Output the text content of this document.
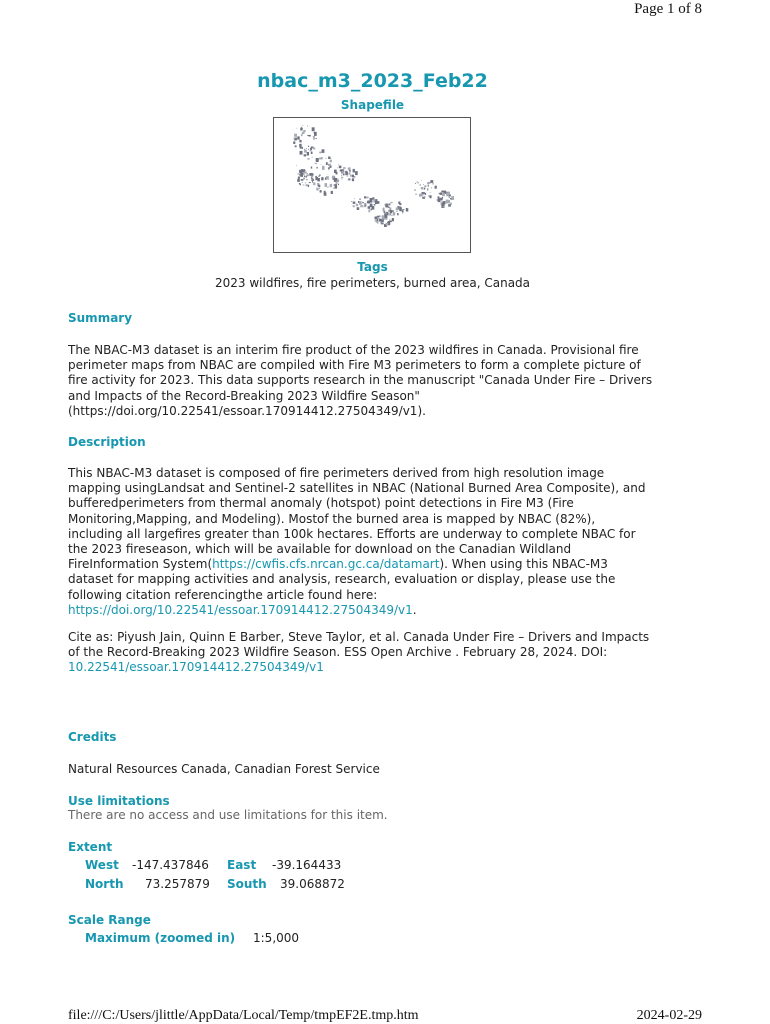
Page 1 of 8
nbac_m3_2023_Feb22
Shapefile
Tags
2023 wildfires, fire perimeters, burned area, Canada
Summary
The NBAC-M3 dataset is an interim fire product of the 2023 wildfires in Canada. Provisional fire perimeter maps from NBAC are compiled with Fire M3 perimeters to form a complete picture of fire activity for 2023. This data supports research in the manuscript "Canada Under Fire – Drivers and Impacts of the Record-Breaking 2023 Wildfire Season" (https://doi.org/10.22541/essoar.170914412.27504349/v1).
Description
This NBAC-M3 dataset is composed of fire perimeters derived from high resolution image mapping usingLandsat and Sentinel-2 satellites in NBAC (National Burned Area Composite), and bufferedperimeters from thermal anomaly (hotspot) point detections in Fire M3 (Fire Monitoring,Mapping, and Modeling). Mostof the burned area is mapped by NBAC (82%), including all largefires greater than 100k hectares. Efforts are underway to complete NBAC for the 2023 fireseason, which will be available for download on the Canadian Wildland FireInformation System(https://cwfis.cfs.nrcan.gc.ca/datamart). When using this NBAC-M3 dataset for mapping activities and analysis, research, evaluation or display, please use the following citation referencingthe article found here: https://doi.org/10.22541/essoar.170914412.27504349/v1.
Cite as: Piyush Jain, Quinn E Barber, Steve Taylor, et al. Canada Under Fire – Drivers and Impacts of the Record-Breaking 2023 Wildfire Season. ESS Open Archive . February 28, 2024. DOI: 10.22541/essoar.170914412.27504349/v1
Credits
Natural Resources Canada, Canadian Forest Service
Use limitations
There are no access and use limitations for this item.
Extent
West -147.437846 East -39.164433
North 73.257879 South 39.068872
Scale Range
Maximum (zoomed in) 1:5,000
file:///C:/Users/jlittle/AppData/Local/Temp/tmpEF2E.tmp.htm	2024-02-29
